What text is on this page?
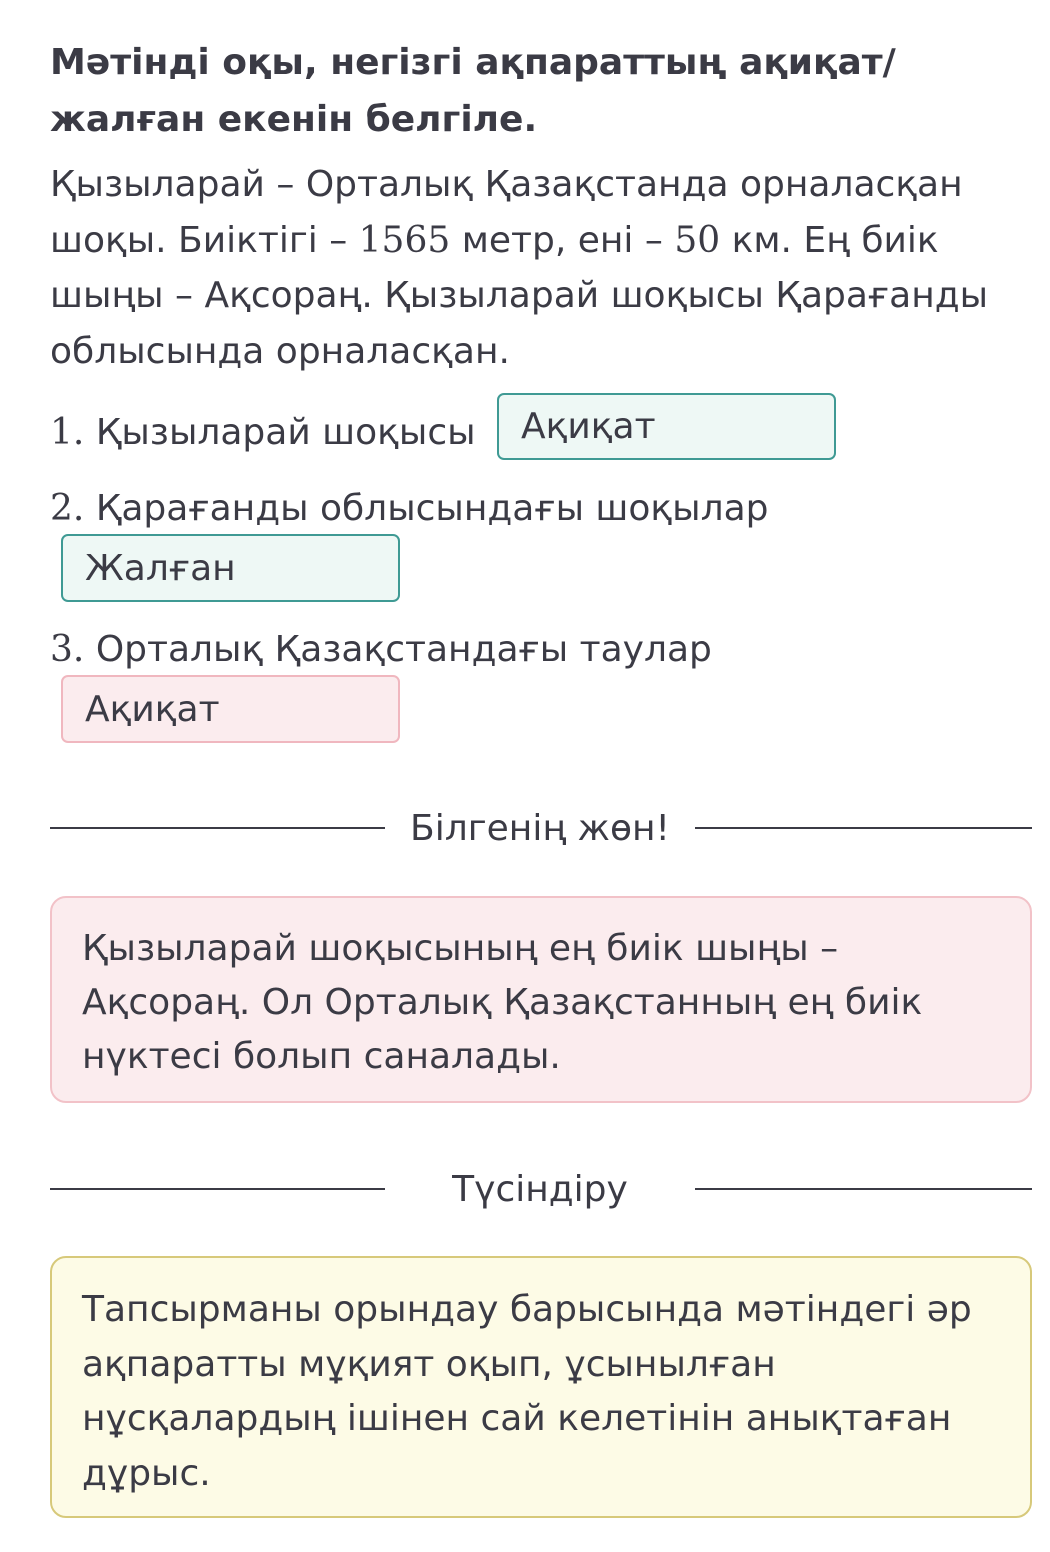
Мәтінді оқы, негізгі ақпараттың ақиқат/ жалған екенін белгіле.
Қызыларай – Орталық Қазақстанда орналасқан шоқы. Биіктігі – 1565 метр, ені – 50 км. Ең биік шыңы – Ақсораң. Қызыларай шоқысы Қарағанды облысында орналасқан.
1. Қызыларай шоқысы Ақиқат
2. Қарағанды облысындағы шоқылар
Жалған
3. Орталық Қазақстандағы таулар
Ақиқат
Білгенің жөн!
Қызыларай шоқысының ең биік шыңы – Ақсораң. Ол Орталық Қазақстанның ең биік нүктесі болып саналады.
Түсіндіру
Тапсырманы орындау барысында мәтіндегі әр ақпаратты мұқият оқып, ұсынылған нұсқалардың ішінен сай келетінін анықтаған дұрыс.
